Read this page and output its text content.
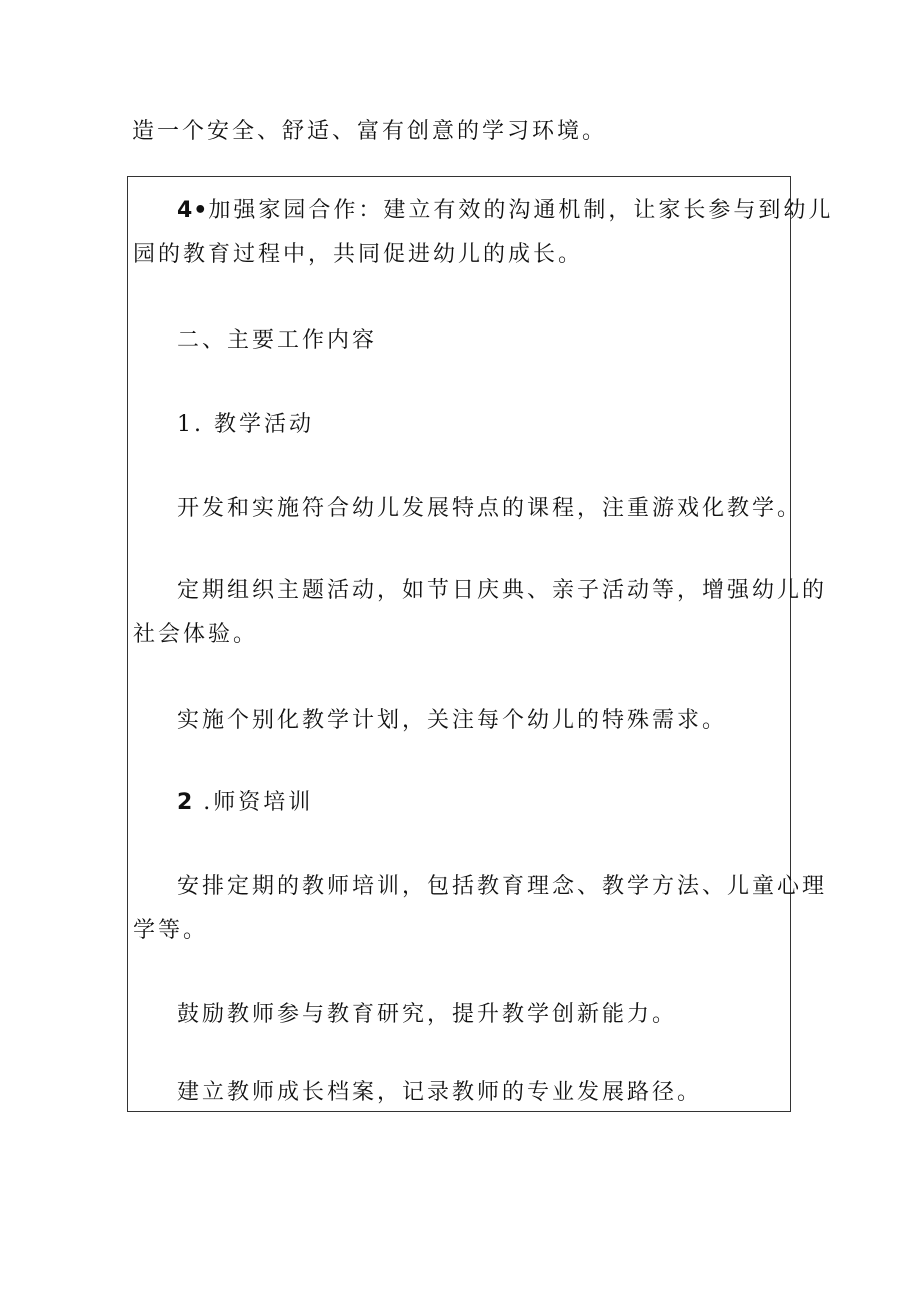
造一个安全、舒适、富有创意的学习环境。
4•加强家园合作：建立有效的沟通机制，让家长参与到幼儿
园的教育过程中，共同促进幼儿的成长。
二、主要工作内容
1. 教学活动
开发和实施符合幼儿发展特点的课程，注重游戏化教学。
定期组织主题活动，如节日庆典、亲子活动等，增强幼儿的
社会体验。
实施个别化教学计划，关注每个幼儿的特殊需求。
2 .师资培训
安排定期的教师培训，包括教育理念、教学方法、儿童心理
学等。
鼓励教师参与教育研究，提升教学创新能力。
建立教师成长档案，记录教师的专业发展路径。
